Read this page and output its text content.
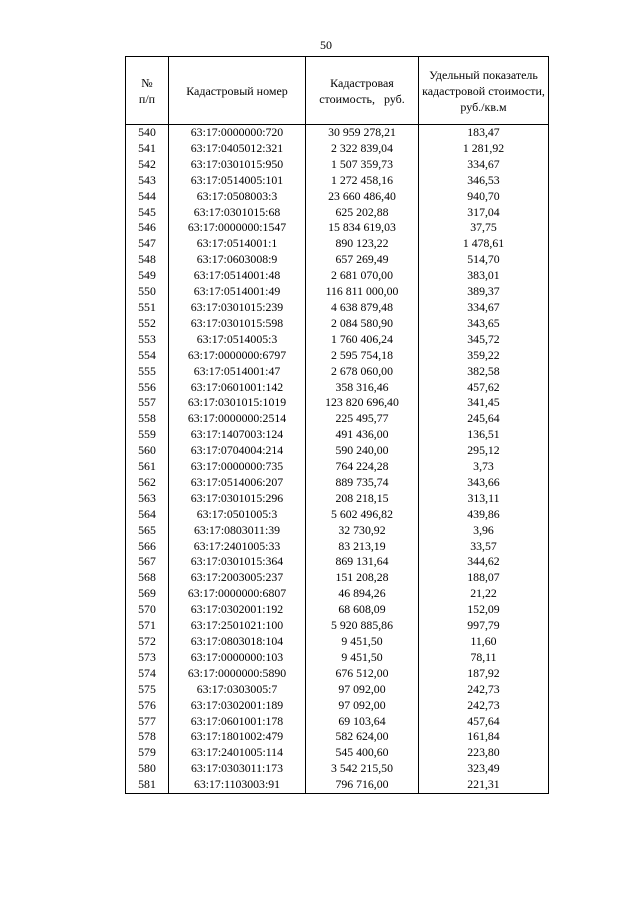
50
№
п/п	Кадастровый номер	Кадастровая стоимость,   руб.	Удельный показатель кадастровой стоимости, руб./кв.м
540	63:17:0000000:720	30 959 278,21	183,47
541	63:17:0405012:321	2 322 839,04	1 281,92
542	63:17:0301015:950	1 507 359,73	334,67
543	63:17:0514005:101	1 272 458,16	346,53
544	63:17:0508003:3	23 660 486,40	940,70
545	63:17:0301015:68	625 202,88	317,04
546	63:17:0000000:1547	15 834 619,03	37,75
547	63:17:0514001:1	890 123,22	1 478,61
548	63:17:0603008:9	657 269,49	514,70
549	63:17:0514001:48	2 681 070,00	383,01
550	63:17:0514001:49	116 811 000,00	389,37
551	63:17:0301015:239	4 638 879,48	334,67
552	63:17:0301015:598	2 084 580,90	343,65
553	63:17:0514005:3	1 760 406,24	345,72
554	63:17:0000000:6797	2 595 754,18	359,22
555	63:17:0514001:47	2 678 060,00	382,58
556	63:17:0601001:142	358 316,46	457,62
557	63:17:0301015:1019	123 820 696,40	341,45
558	63:17:0000000:2514	225 495,77	245,64
559	63:17:1407003:124	491 436,00	136,51
560	63:17:0704004:214	590 240,00	295,12
561	63:17:0000000:735	764 224,28	3,73
562	63:17:0514006:207	889 735,74	343,66
563	63:17:0301015:296	208 218,15	313,11
564	63:17:0501005:3	5 602 496,82	439,86
565	63:17:0803011:39	32 730,92	3,96
566	63:17:2401005:33	83 213,19	33,57
567	63:17:0301015:364	869 131,64	344,62
568	63:17:2003005:237	151 208,28	188,07
569	63:17:0000000:6807	46 894,26	21,22
570	63:17:0302001:192	68 608,09	152,09
571	63:17:2501021:100	5 920 885,86	997,79
572	63:17:0803018:104	9 451,50	11,60
573	63:17:0000000:103	9 451,50	78,11
574	63:17:0000000:5890	676 512,00	187,92
575	63:17:0303005:7	97 092,00	242,73
576	63:17:0302001:189	97 092,00	242,73
577	63:17:0601001:178	69 103,64	457,64
578	63:17:1801002:479	582 624,00	161,84
579	63:17:2401005:114	545 400,60	223,80
580	63:17:0303011:173	3 542 215,50	323,49
581	63:17:1103003:91	796 716,00	221,31
